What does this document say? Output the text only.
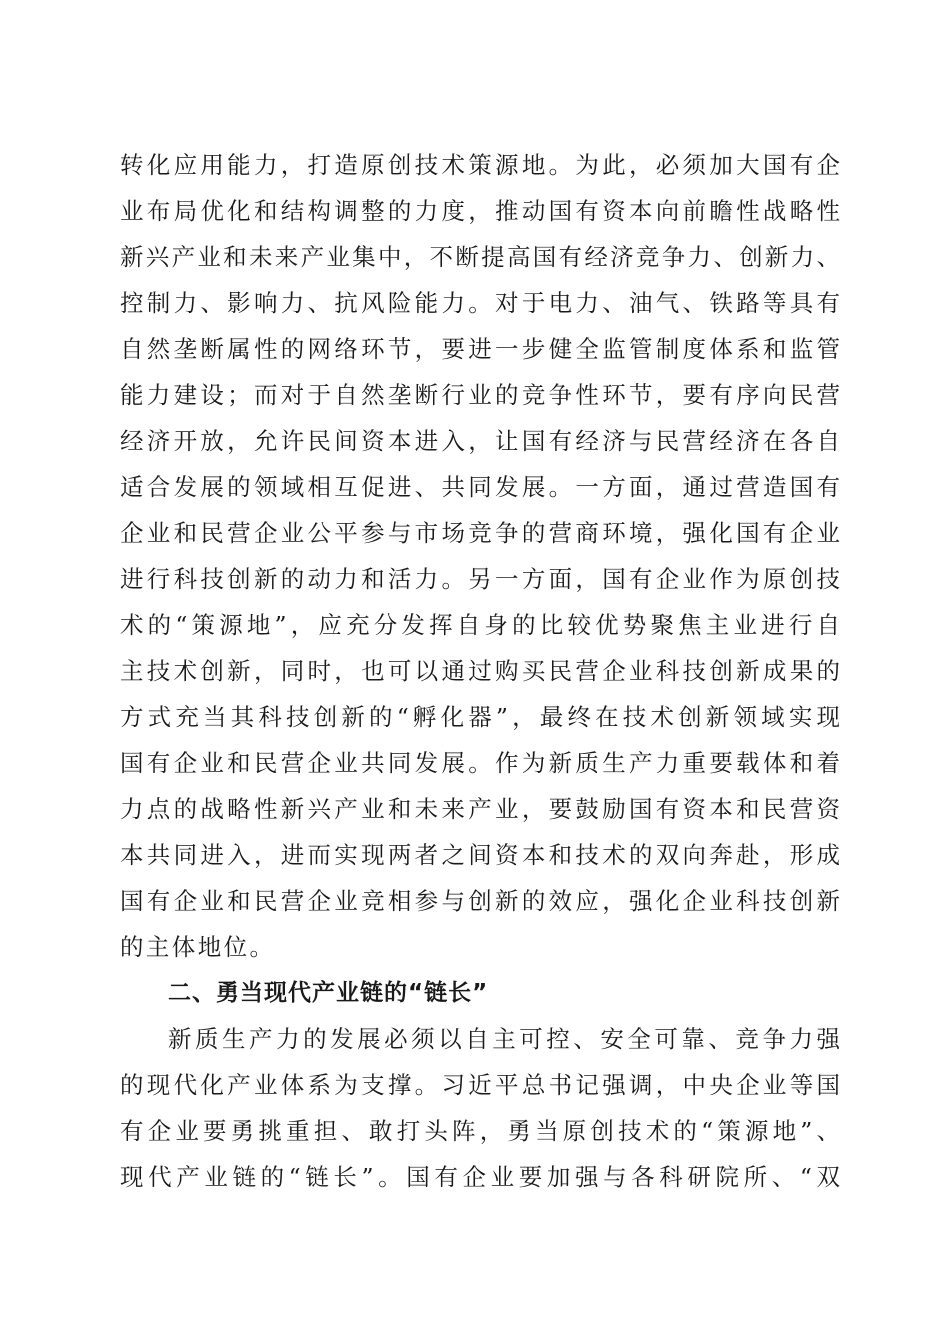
转化应用能力，打造原创技术策源地。为此，必须加大国有企
业布局优化和结构调整的力度，推动国有资本向前瞻性战略性
新兴产业和未来产业集中，不断提高国有经济竞争力、创新力、
控制力、影响力、抗风险能力。对于电力、油气、铁路等具有
自然垄断属性的网络环节，要进一步健全监管制度体系和监管
能力建设；而对于自然垄断行业的竞争性环节，要有序向民营
经济开放，允许民间资本进入，让国有经济与民营经济在各自
适合发展的领域相互促进、共同发展。一方面，通过营造国有
企业和民营企业公平参与市场竞争的营商环境，强化国有企业
进行科技创新的动力和活力。另一方面，国有企业作为原创技
术的“策源地”，应充分发挥自身的比较优势聚焦主业进行自
主技术创新，同时，也可以通过购买民营企业科技创新成果的
方式充当其科技创新的“孵化器”，最终在技术创新领域实现
国有企业和民营企业共同发展。作为新质生产力重要载体和着
力点的战略性新兴产业和未来产业，要鼓励国有资本和民营资
本共同进入，进而实现两者之间资本和技术的双向奔赴，形成
国有企业和民营企业竞相参与创新的效应，强化企业科技创新
的主体地位。
二、勇当现代产业链的“链长”
新质生产力的发展必须以自主可控、安全可靠、竞争力强
的现代化产业体系为支撑。习近平总书记强调，中央企业等国
有企业要勇挑重担、敢打头阵，勇当原创技术的“策源地”、
现代产业链的“链长”。国有企业要加强与各科研院所、“双
